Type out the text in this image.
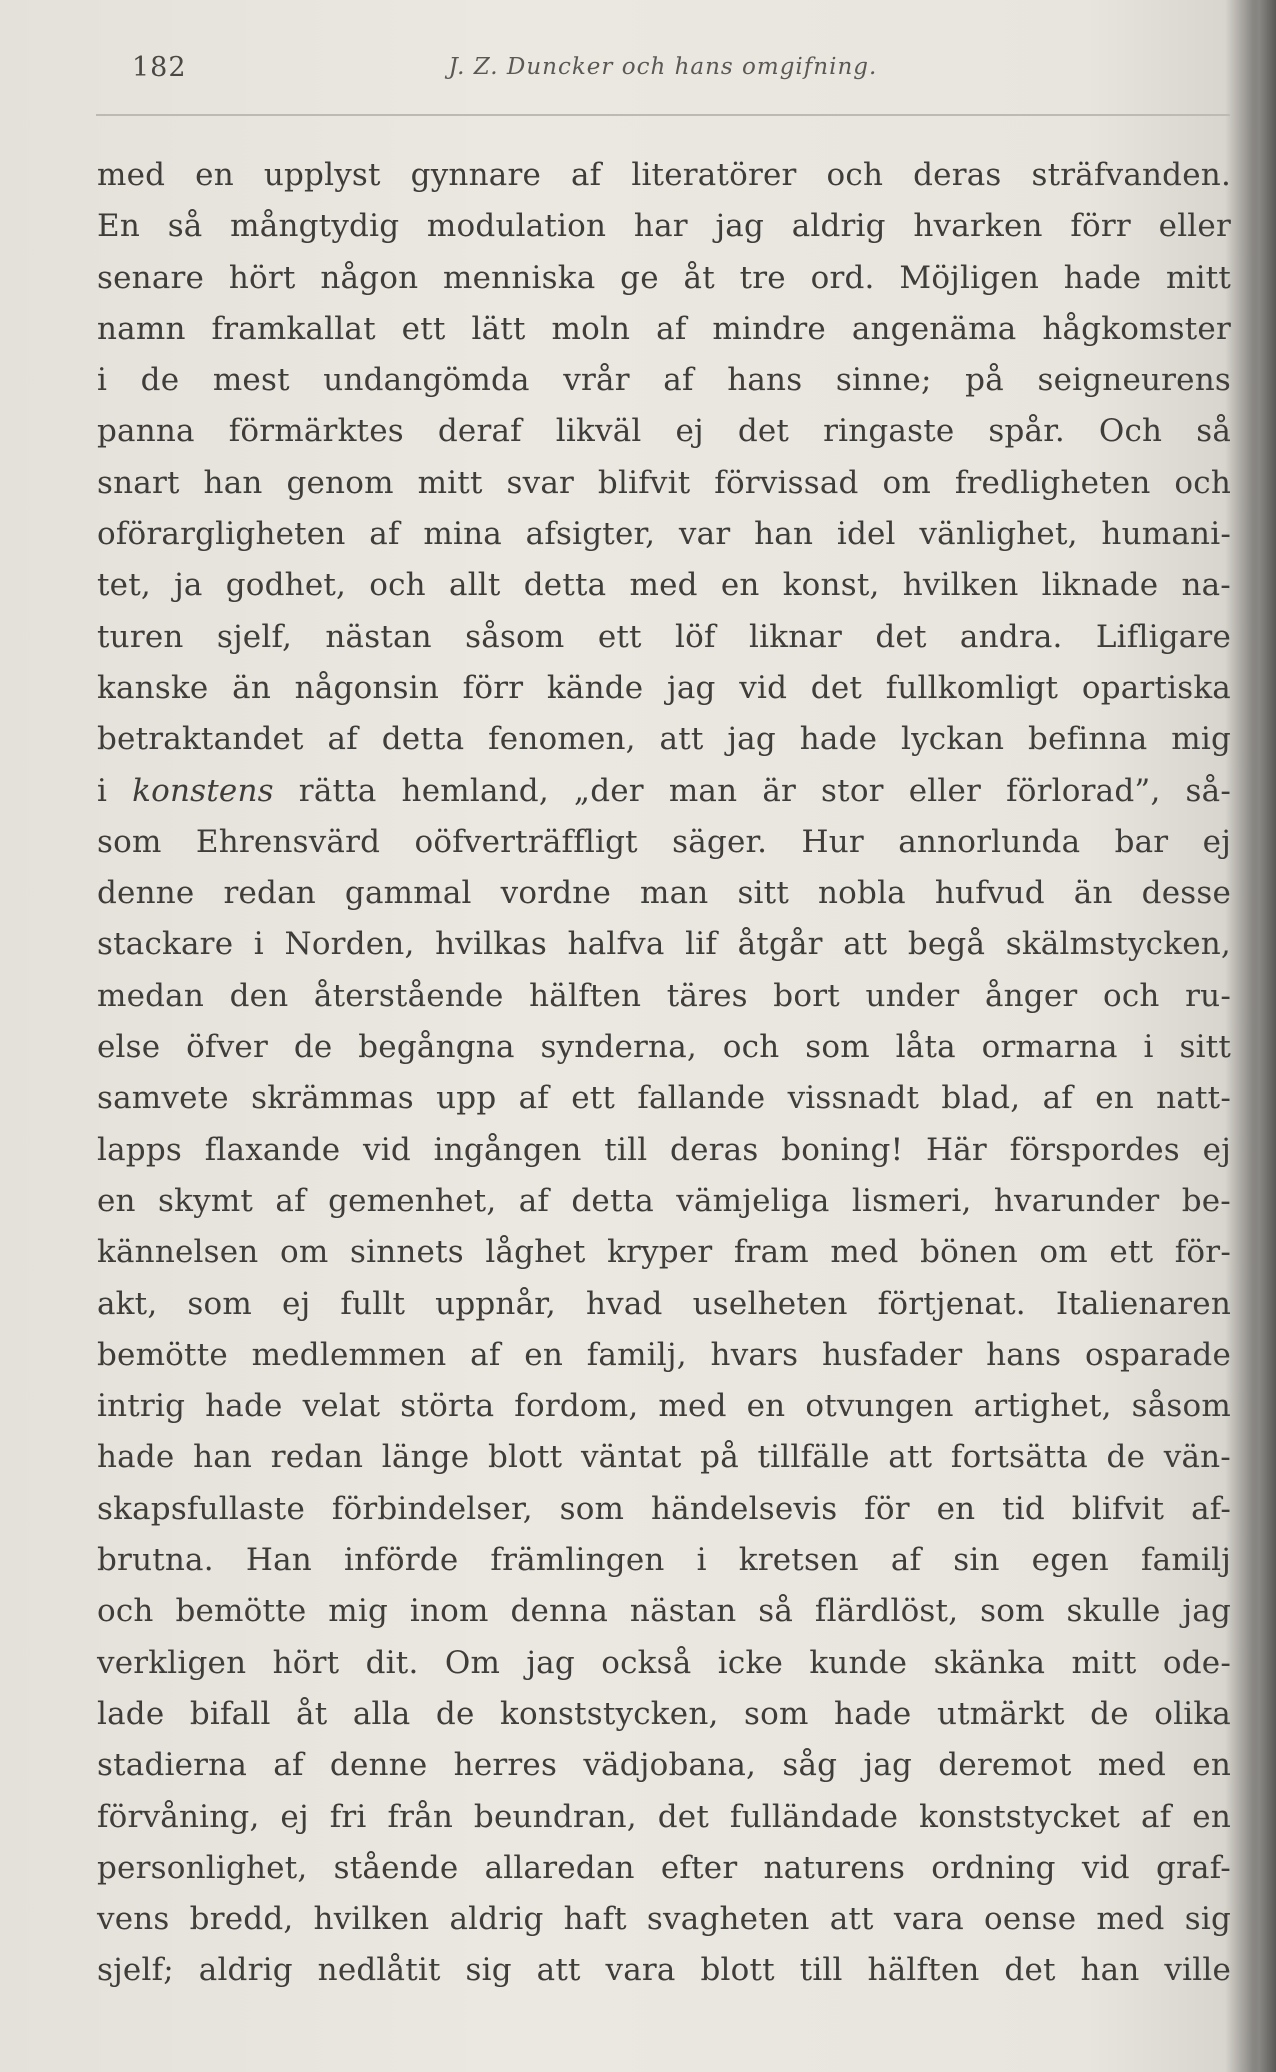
182	J. Z. Duncker och hans omgifning.
med en upplyst gynnare af literatörer och deras sträfvanden.
En så mångtydig modulation har jag aldrig hvarken förr eller
senare hört någon menniska ge åt tre ord. Möjligen hade mitt
namn framkallat ett lätt moln af mindre angenäma hågkomster
i de mest undangömda vrår af hans sinne; på seigneurens
panna förmärktes deraf likväl ej det ringaste spår. Och så
snart han genom mitt svar blifvit förvissad om fredligheten och
oförargligheten af mina afsigter, var han idel vänlighet, humani-
tet, ja godhet, och allt detta med en konst, hvilken liknade na-
turen sjelf, nästan såsom ett löf liknar det andra. Lifligare
kanske än någonsin förr kände jag vid det fullkomligt opartiska
betraktandet af detta fenomen, att jag hade lyckan befinna mig
i konstens rätta hemland, „der man är stor eller förlorad”, så-
som Ehrensvärd oöfverträffligt säger. Hur annorlunda bar ej
denne redan gammal vordne man sitt nobla hufvud än desse
stackare i Norden, hvilkas halfva lif åtgår att begå skälmstycken,
medan den återstående hälften täres bort under ånger och ru-
else öfver de begångna synderna, och som låta ormarna i sitt
samvete skrämmas upp af ett fallande vissnadt blad, af en natt-
lapps flaxande vid ingången till deras boning! Här förspordes ej
en skymt af gemenhet, af detta vämjeliga lismeri, hvarunder be-
kännelsen om sinnets låghet kryper fram med bönen om ett för-
akt, som ej fullt uppnår, hvad uselheten förtjenat. Italienaren
bemötte medlemmen af en familj, hvars husfader hans osparade
intrig hade velat störta fordom, med en otvungen artighet, såsom
hade han redan länge blott väntat på tillfälle att fortsätta de vän-
skapsfullaste förbindelser, som händelsevis för en tid blifvit af-
brutna. Han införde främlingen i kretsen af sin egen familj
och bemötte mig inom denna nästan så flärdlöst, som skulle jag
verkligen hört dit. Om jag också icke kunde skänka mitt ode-
lade bifall åt alla de konststycken, som hade utmärkt de olika
stadierna af denne herres vädjobana, såg jag deremot med en
förvåning, ej fri från beundran, det fulländade konststycket af en
personlighet, stående allaredan efter naturens ordning vid graf-
vens bredd, hvilken aldrig haft svagheten att vara oense med sig
sjelf; aldrig nedlåtit sig att vara blott till hälften det han ville
